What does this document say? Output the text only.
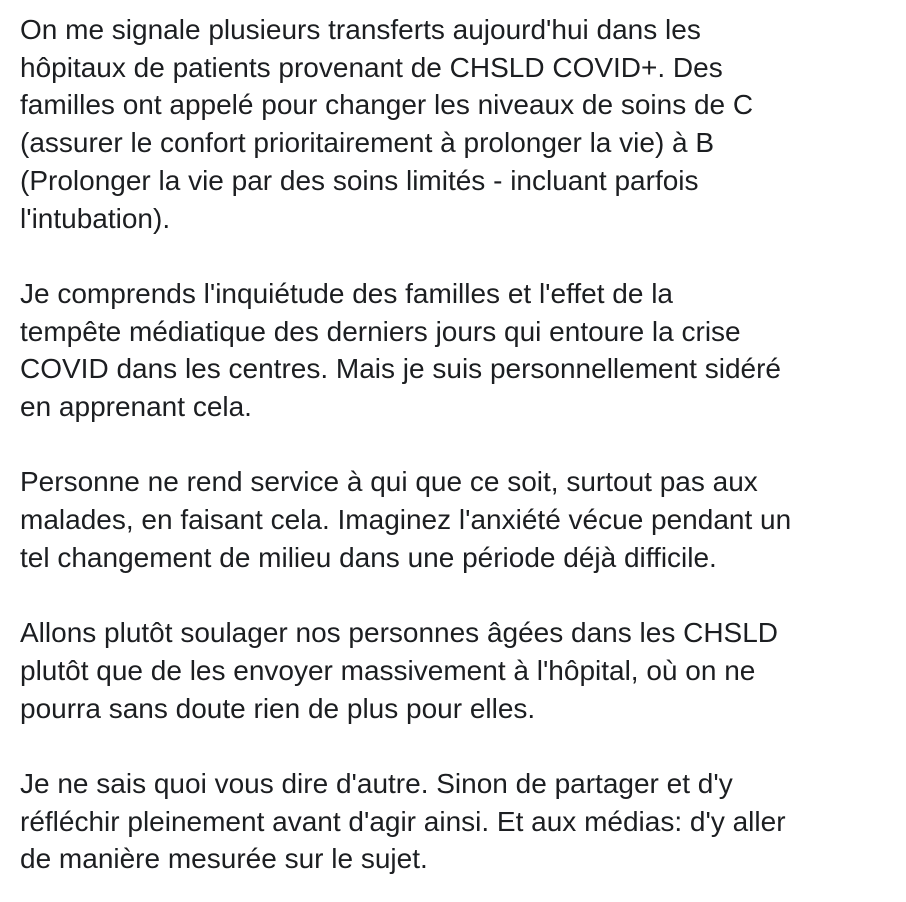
On me signale plusieurs transferts aujourd'hui dans les
hôpitaux de patients provenant de CHSLD COVID+. Des
familles ont appelé pour changer les niveaux de soins de C
(assurer le confort prioritairement à prolonger la vie) à B
(Prolonger la vie par des soins limités - incluant parfois
l'intubation).

Je comprends l'inquiétude des familles et l'effet de la
tempête médiatique des derniers jours qui entoure la crise
COVID dans les centres. Mais je suis personnellement sidéré
en apprenant cela.

Personne ne rend service à qui que ce soit, surtout pas aux
malades, en faisant cela. Imaginez l'anxiété vécue pendant un
tel changement de milieu dans une période déjà difficile.

Allons plutôt soulager nos personnes âgées dans les CHSLD
plutôt que de les envoyer massivement à l'hôpital, où on ne
pourra sans doute rien de plus pour elles.

Je ne sais quoi vous dire d'autre. Sinon de partager et d'y
réfléchir pleinement avant d'agir ainsi. Et aux médias: d'y aller
de manière mesurée sur le sujet.
